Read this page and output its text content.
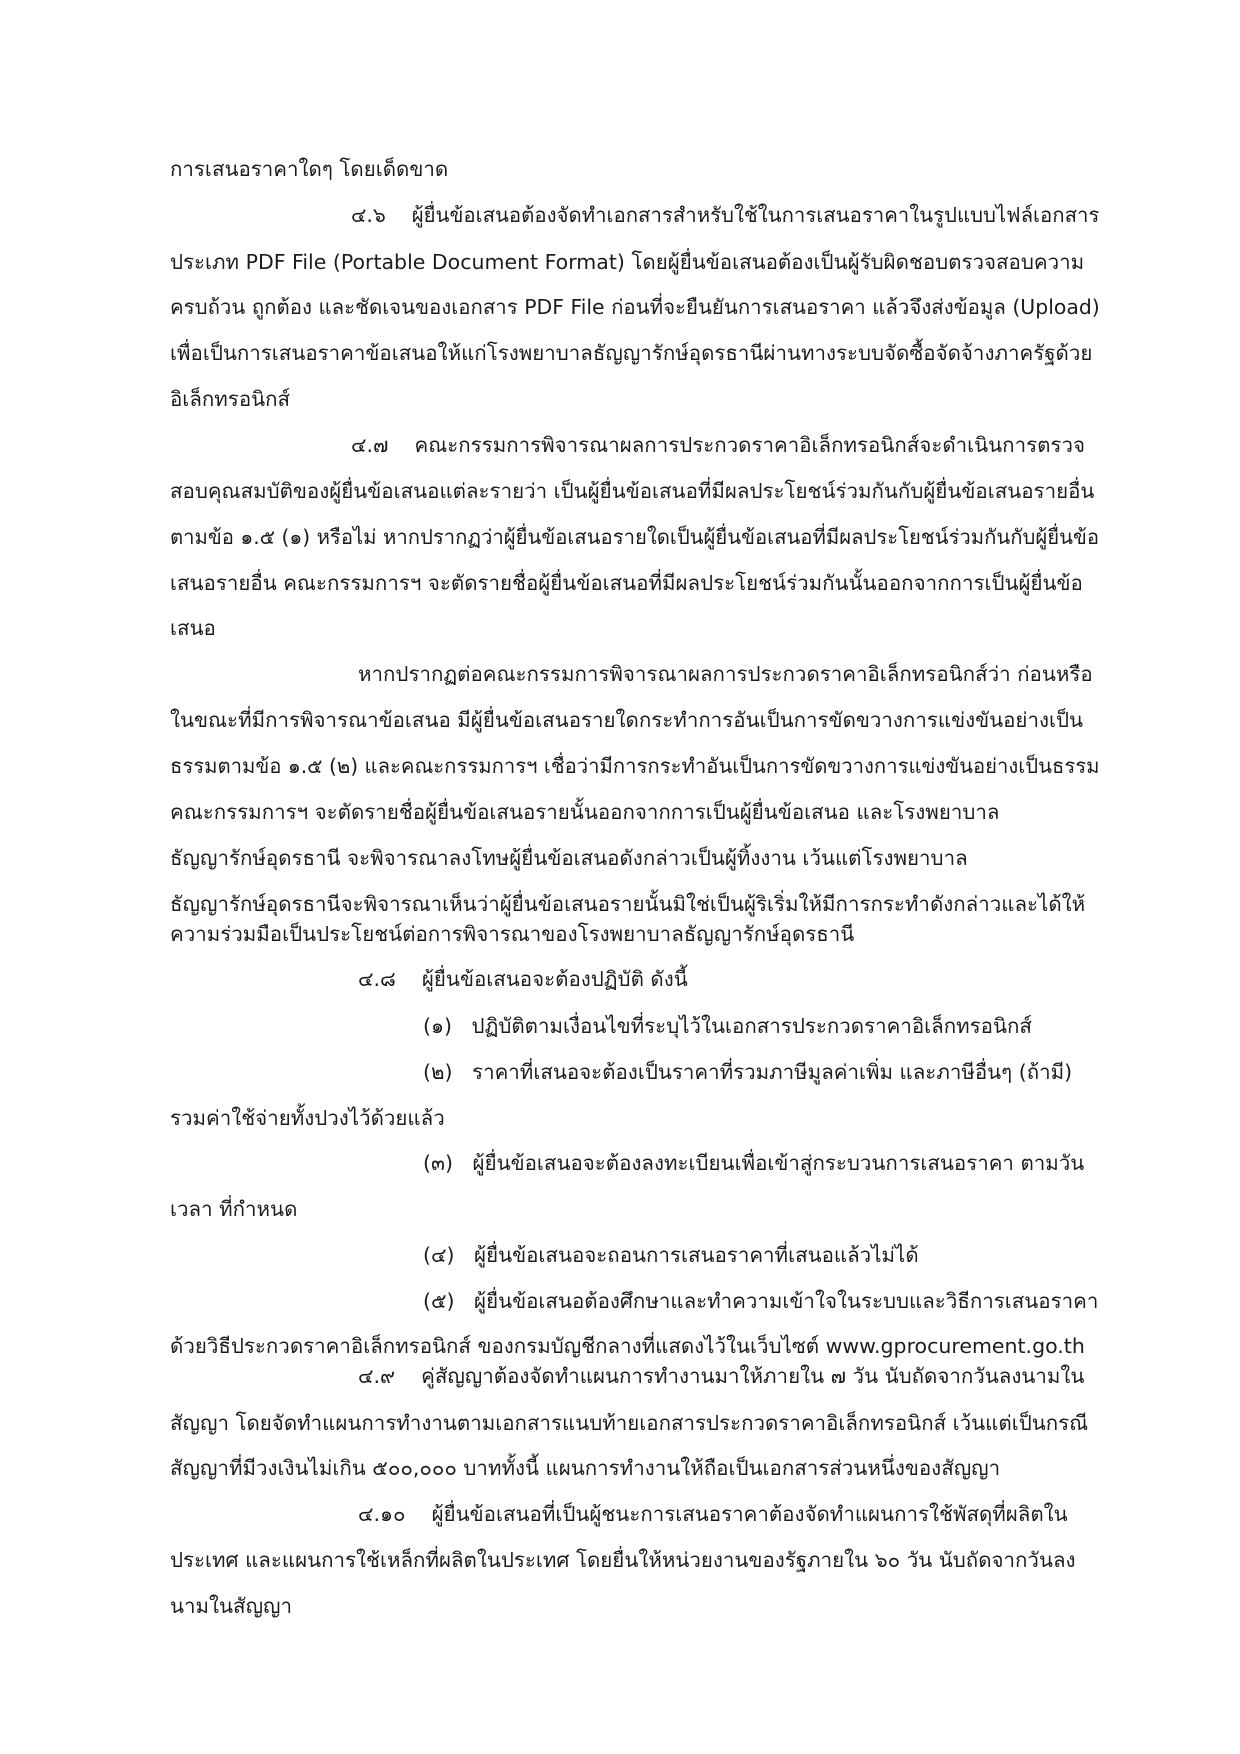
การเสนอราคาใดๆ โดยเด็ดขาด

๔.๖    ผู้ยื่นข้อเสนอต้องจัดทำเอกสารสำหรับใช้ในการเสนอราคาในรูปแบบไฟล์เอกสาร

ประเภท PDF File (Portable Document Format) โดยผู้ยื่นข้อเสนอต้องเป็นผู้รับผิดชอบตรวจสอบความ

ครบถ้วน ถูกต้อง และชัดเจนของเอกสาร PDF File ก่อนที่จะยืนยันการเสนอราคา แล้วจึงส่งข้อมูล (Upload)

เพื่อเป็นการเสนอราคาข้อเสนอให้แก่โรงพยาบาลธัญญารักษ์อุดรธานีผ่านทางระบบจัดซื้อจัดจ้างภาครัฐด้วย

อิเล็กทรอนิกส์

๔.๗    คณะกรรมการพิจารณาผลการประกวดราคาอิเล็กทรอนิกส์จะดำเนินการตรวจ

สอบคุณสมบัติของผู้ยื่นข้อเสนอแต่ละรายว่า เป็นผู้ยื่นข้อเสนอที่มีผลประโยชน์ร่วมกันกับผู้ยื่นข้อเสนอรายอื่น

ตามข้อ ๑.๕ (๑) หรือไม่ หากปรากฏว่าผู้ยื่นข้อเสนอรายใดเป็นผู้ยื่นข้อเสนอที่มีผลประโยชน์ร่วมกันกับผู้ยื่นข้อ

เสนอรายอื่น คณะกรรมการฯ จะตัดรายชื่อผู้ยื่นข้อเสนอที่มีผลประโยชน์ร่วมกันนั้นออกจากการเป็นผู้ยื่นข้อ

เสนอ

หากปรากฏต่อคณะกรรมการพิจารณาผลการประกวดราคาอิเล็กทรอนิกส์ว่า ก่อนหรือ

ในขณะที่มีการพิจารณาข้อเสนอ มีผู้ยื่นข้อเสนอรายใดกระทำการอันเป็นการขัดขวางการแข่งขันอย่างเป็น

ธรรมตามข้อ ๑.๕ (๒) และคณะกรรมการฯ เชื่อว่ามีการกระทำอันเป็นการขัดขวางการแข่งขันอย่างเป็นธรรม

คณะกรรมการฯ จะตัดรายชื่อผู้ยื่นข้อเสนอรายนั้นออกจากการเป็นผู้ยื่นข้อเสนอ และโรงพยาบาล

ธัญญารักษ์อุดรธานี จะพิจารณาลงโทษผู้ยื่นข้อเสนอดังกล่าวเป็นผู้ทิ้งงาน เว้นแต่โรงพยาบาล

ธัญญารักษ์อุดรธานีจะพิจารณาเห็นว่าผู้ยื่นข้อเสนอรายนั้นมิใช่เป็นผู้ริเริ่มให้มีการกระทำดังกล่าวและได้ให้

ความร่วมมือเป็นประโยชน์ต่อการพิจารณาของโรงพยาบาลธัญญารักษ์อุดรธานี

๔.๘    ผู้ยื่นข้อเสนอจะต้องปฏิบัติ ดังนี้

(๑)   ปฏิบัติตามเงื่อนไขที่ระบุไว้ในเอกสารประกวดราคาอิเล็กทรอนิกส์

(๒)   ราคาที่เสนอจะต้องเป็นราคาที่รวมภาษีมูลค่าเพิ่ม และภาษีอื่นๆ (ถ้ามี)

รวมค่าใช้จ่ายทั้งปวงไว้ด้วยแล้ว

(๓)   ผู้ยื่นข้อเสนอจะต้องลงทะเบียนเพื่อเข้าสู่กระบวนการเสนอราคา ตามวัน

เวลา ที่กำหนด

(๔)   ผู้ยื่นข้อเสนอจะถอนการเสนอราคาที่เสนอแล้วไม่ได้

(๕)   ผู้ยื่นข้อเสนอต้องศึกษาและทำความเข้าใจในระบบและวิธีการเสนอราคา

ด้วยวิธีประกวดราคาอิเล็กทรอนิกส์ ของกรมบัญชีกลางที่แสดงไว้ในเว็บไซต์ www.gprocurement.go.th

๔.๙    คู่สัญญาต้องจัดทำแผนการทำงานมาให้ภายใน ๗ วัน นับถัดจากวันลงนามใน

สัญญา โดยจัดทำแผนการทำงานตามเอกสารแนบท้ายเอกสารประกวดราคาอิเล็กทรอนิกส์ เว้นแต่เป็นกรณี

สัญญาที่มีวงเงินไม่เกิน ๕๐๐,๐๐๐ บาททั้งนี้ แผนการทำงานให้ถือเป็นเอกสารส่วนหนึ่งของสัญญา

๔.๑๐    ผู้ยื่นข้อเสนอที่เป็นผู้ชนะการเสนอราคาต้องจัดทำแผนการใช้พัสดุที่ผลิตใน

ประเทศ และแผนการใช้เหล็กที่ผลิตในประเทศ โดยยื่นให้หน่วยงานของรัฐภายใน ๖๐ วัน นับถัดจากวันลง

นามในสัญญา
